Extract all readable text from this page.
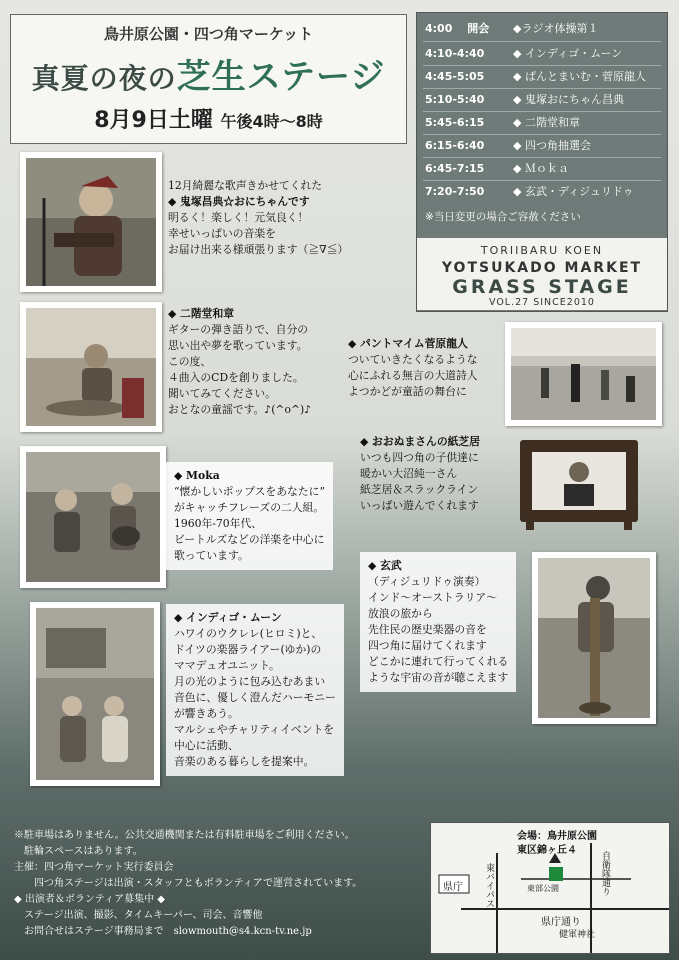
鳥井原公園・四つ角マーケット
真夏の夜の芝生ステージ
8月9日土曜 午後4時〜8時
4:00　 開会 ◆ラジオ体操第１
4:10-4:40	◆ インディゴ・ムーン
4:45-5:05	◆ ぱんとまいむ・菅原龍人
5:10-5:40	◆ 鬼塚おにちゃん昌典
5:45-6:15	◆ 二階堂和章
6:15-6:40	◆ 四つ角抽選会
6:45-7:15	◆ Ｍｏｋａ
7:20-7:50	◆ 玄武・ディジュリドゥ
※当日変更の場合ご容赦ください
TORIIBARU KOEN
YOTSUKADO MARKET
GRASS STAGE
VOL.27 SINCE2010

12月綺麗な歌声きかせてくれた

◆ 鬼塚昌典☆おにちゃんです

明るく！楽しく！元気良く！

幸せいっぱいの音楽を

お届け出来る様頑張ります（≧∇≦）

◆ 二階堂和章

ギターの弾き語りで、自分の

思い出や夢を歌っています。

この度、

４曲入のCDを創りました。

聞いてみてください。

おとなの童謡です。♪(^o^)♪

◆ パントマイム菅原龍人

ついていきたくなるような

心にふれる無言の大道詩人

よつかどが童話の舞台に

◆ おおぬまさんの紙芝居

いつも四つ角の子供達に

暖かい大沼純一さん

紙芝居＆スラックライン

いっぱい遊んでくれます

◆ Moka

“懐かしいポップスをあなたに”

がキャッチフレーズの二人組。

1960年-70年代、

ビートルズなどの洋楽を中心に

歌っています。

◆ 玄武

（ディジュリドゥ演奏）

インド〜オーストラリア〜

放浪の旅から

先住民の歴史楽器の音を

四つ角に届けてくれます

どこかに連れて行ってくれる

ような宇宙の音が聴こえます

◆ インディゴ・ムーン

ハワイのウクレレ(ヒロミ)と、

ドイツの楽器ライアー(ゆか)の

ママデュオユニット。

月の光のように包み込むあまい

音色に、優しく澄んだハーモニー

が響きあう。

マルシェやチャリティイベントを

中心に活動、

音楽のある暮らしを提案中。

※駐車場はありません。公共交通機関または有料駐車場をご利用ください。

　駐輪スペースはあります。

主催：四つ角マーケット実行委員会

　　四つ角ステージは出演・スタッフともボランティアで運営されています。

◆ 出演者＆ボランティア募集中 ◆

　ステージ出演、撮影、タイムキーパー、司会、音響他

　お問合せはステージ事務局まで　slowmouth@s4.kcn-tv.ne.jp

会場：鳥井原公園
東区錦ヶ丘４
県庁 東バイパス	東部公園	自衛隊通り
県庁通り
健軍神社
